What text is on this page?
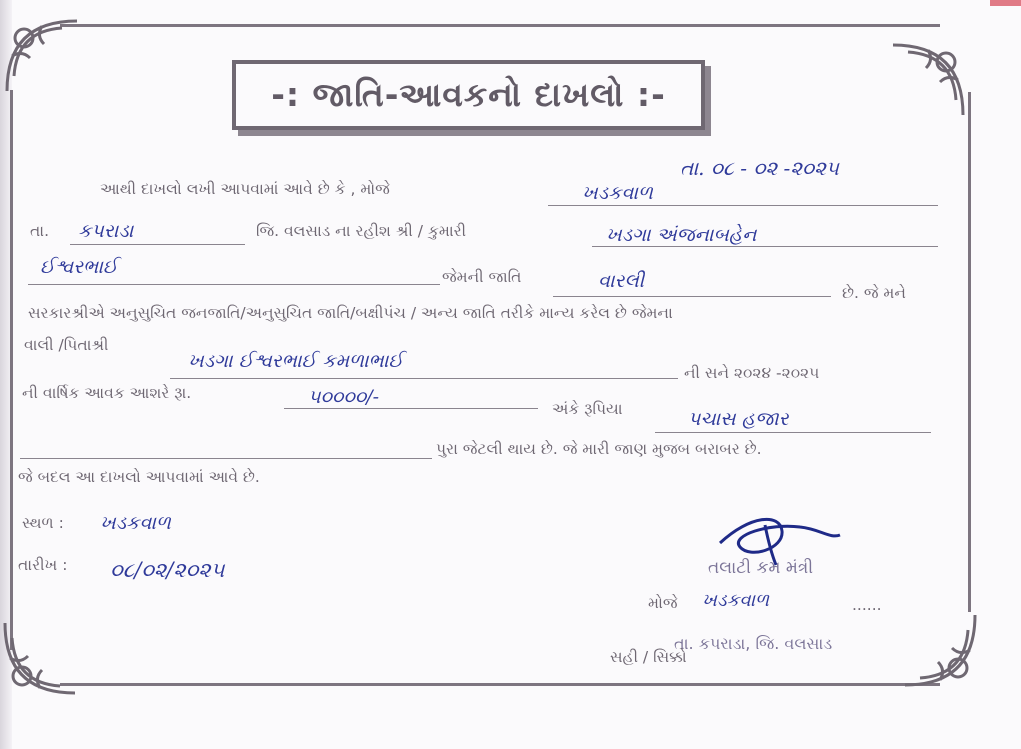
-: જાતિ-આવકનો દાખલો :-
તા. ૦૮ - ૦૨ -૨૦૨૫
આથી દાખલો લખી આપવામાં આવે છે કે , મોજે	ખડકવાળ
તા. કપરાડા	જિ. વલસાડ ના રહીશ શ્રી / કુમારી	ખડગા અંજનાબહેન
ઈશ્વરભાઈ	જેમની જાતિ	વારલી
છે. જે મને
સરકારશ્રીએ અનુસુચિત જનજાતિ/અનુસુચિત જાતિ/બક્ષીપંચ / અન્ય જાતિ તરીકે માન્ય કરેલ છે જેમના
વાલી /પિતાશ્રી
ખડગા ઈશ્વરભાઈ કમળાભાઈ
ની સને ૨૦૨૪ -૨૦૨૫
ની વાર્ષિક આવક આશરે રૂા.	૫૦૦૦૦/-
અંકે રૂપિયા	પચાસ હજાર
પુરા જેટલી થાય છે. જે મારી જાણ મુજબ બરાબર છે.
જે બદલ આ દાખલો આપવામાં આવે છે.
સ્થળ : ખડકવાળ
તારીખ : ૦૮/૦૨/૨૦૨૫	તલાટી કમ મંત્રી
મોજે ખડકવાળ	......
તા. કપરાડા, જિ. વલસાડ
સહી / સિક્કો
